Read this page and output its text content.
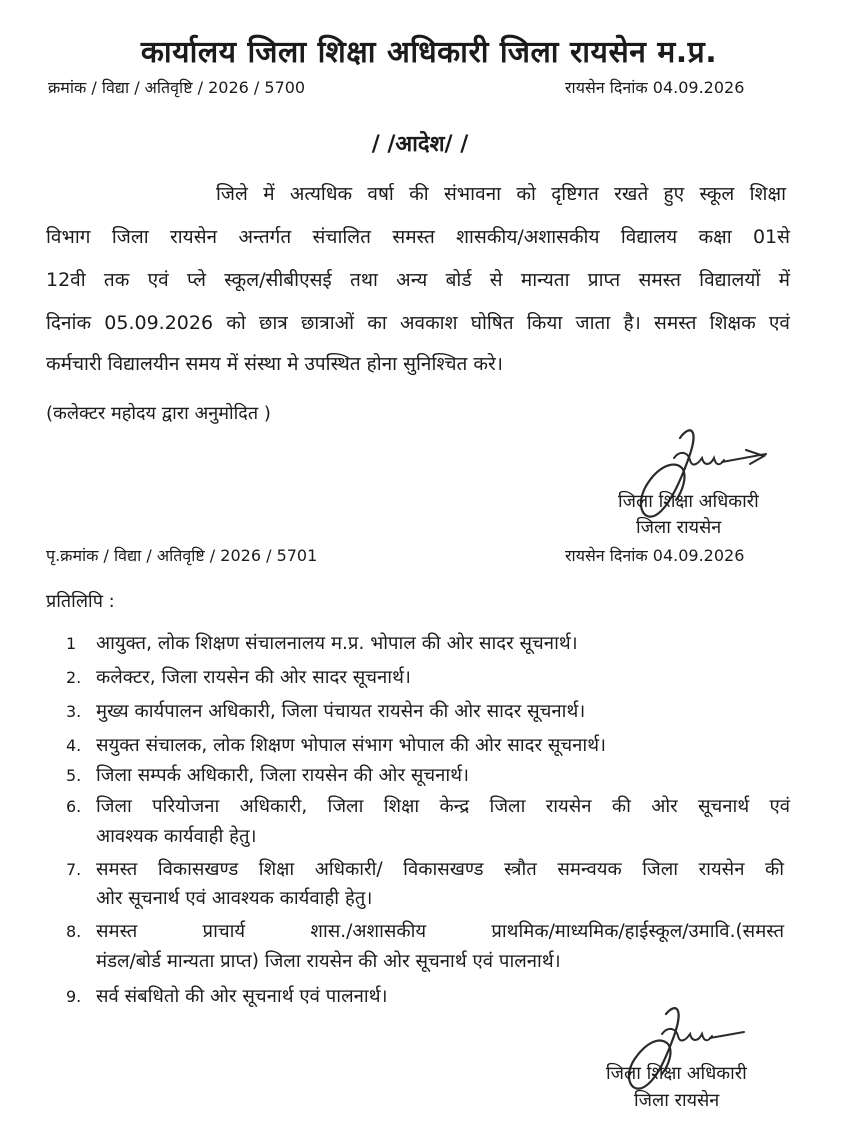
कार्यालय जिला शिक्षा अधिकारी जिला रायसेन म.प्र.
क्रमांक / विद्या / अतिवृष्टि / 2026 / 5700	रायसेन दिनांक 04.09.2026
/ /आदेश/ /
जिले में अत्यधिक वर्षा की संभावना को दृष्टिगत रखते हुए स्कूल शिक्षा
विभाग जिला रायसेन अन्तर्गत संचालित समस्त शासकीय/अशासकीय विद्यालय कक्षा 01से
12वी तक एवं प्ले स्कूल/सीबीएसई तथा अन्य बोर्ड से मान्यता प्राप्त समस्त विद्यालयों में
दिनांक 05.09.2026 को छात्र छात्राओं का अवकाश घोषित किया जाता है। समस्त शिक्षक एवं
कर्मचारी विद्यालयीन समय में संस्था मे उपस्थित होना सुनिश्चित करे।
(कलेक्टर महोदय द्वारा अनुमोदित )
जिला शिक्षा अधिकारी
जिला रायसेन
पृ.क्रमांक / विद्या / अतिवृष्टि / 2026 / 5701	रायसेन दिनांक 04.09.2026
प्रतिलिपि :
1 आयुक्त, लोक शिक्षण संचालनालय म.प्र. भोपाल की ओर सादर सूचनार्थ।
2. कलेक्टर, जिला रायसेन की ओर सादर सूचनार्थ।
3. मुख्य कार्यपालन अधिकारी, जिला पंचायत रायसेन की ओर सादर सूचनार्थ।
4. सयुक्त संचालक, लोक शिक्षण भोपाल संभाग भोपाल की ओर सादर सूचनार्थ।
5. जिला सम्पर्क अधिकारी, जिला रायसेन की ओर सूचनार्थ।
6. जिला परियोजना अधिकारी, जिला शिक्षा केन्द्र जिला रायसेन की ओर सूचनार्थ एवं
आवश्यक कार्यवाही हेतु।
7. समस्त विकासखण्ड शिक्षा अधिकारी/ विकासखण्ड स्त्रौत समन्वयक जिला रायसेन की
ओर सूचनार्थ एवं आवश्यक कार्यवाही हेतु।
8. समस्त प्राचार्य शास./अशासकीय प्राथमिक/माध्यमिक/हाईस्कूल/उमावि.(समस्त
मंडल/बोर्ड मान्यता प्राप्त) जिला रायसेन की ओर सूचनार्थ एवं पालनार्थ।
9. सर्व संबधितो की ओर सूचनार्थ एवं पालनार्थ।
जिला शिक्षा अधिकारी
जिला रायसेन
